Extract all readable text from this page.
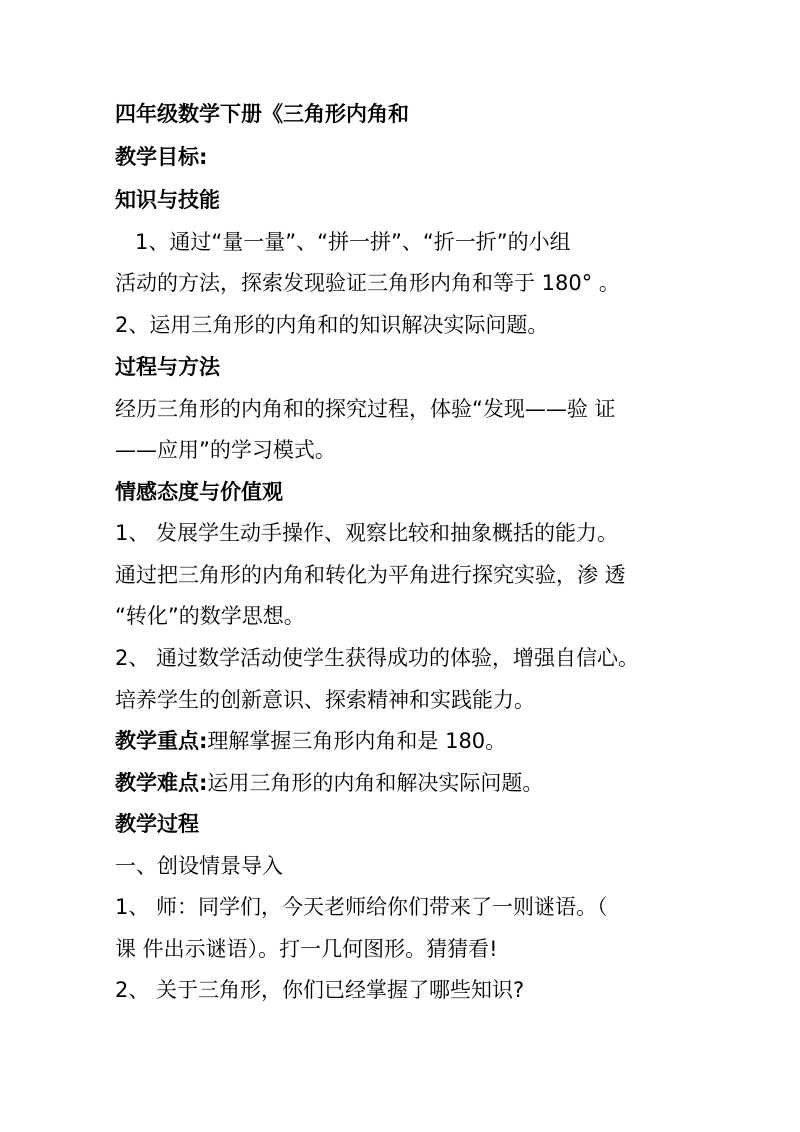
四年级数学下册《三角形内角和
教学目标:
知识与技能
1、通过“量一量”、“拼一拼”、“折一折”的小组
活动的方法，探索发现验证三角形内角和等于 180° 。
2、运用三角形的内角和的知识解决实际问题。
过程与方法
经历三角形的内角和的探究过程，体验“发现——验 证
——应用”的学习模式。
情感态度与价值观
1、 发展学生动手操作、观察比较和抽象概括的能力。
通过把三角形的内角和转化为平角进行探究实验，渗 透
“转化”的数学思想。
2、 通过数学活动使学生获得成功的体验，增强自信心。
培养学生的创新意识、探索精神和实践能力。
教学重点:理解掌握三角形内角和是 180。
教学难点:运用三角形的内角和解决实际问题。
教学过程
一、创设情景导入
1、 师：同学们，今天老师给你们带来了一则谜语。（
课 件出示谜语）。打一几何图形。猜猜看!
2、 关于三角形，你们已经掌握了哪些知识?
